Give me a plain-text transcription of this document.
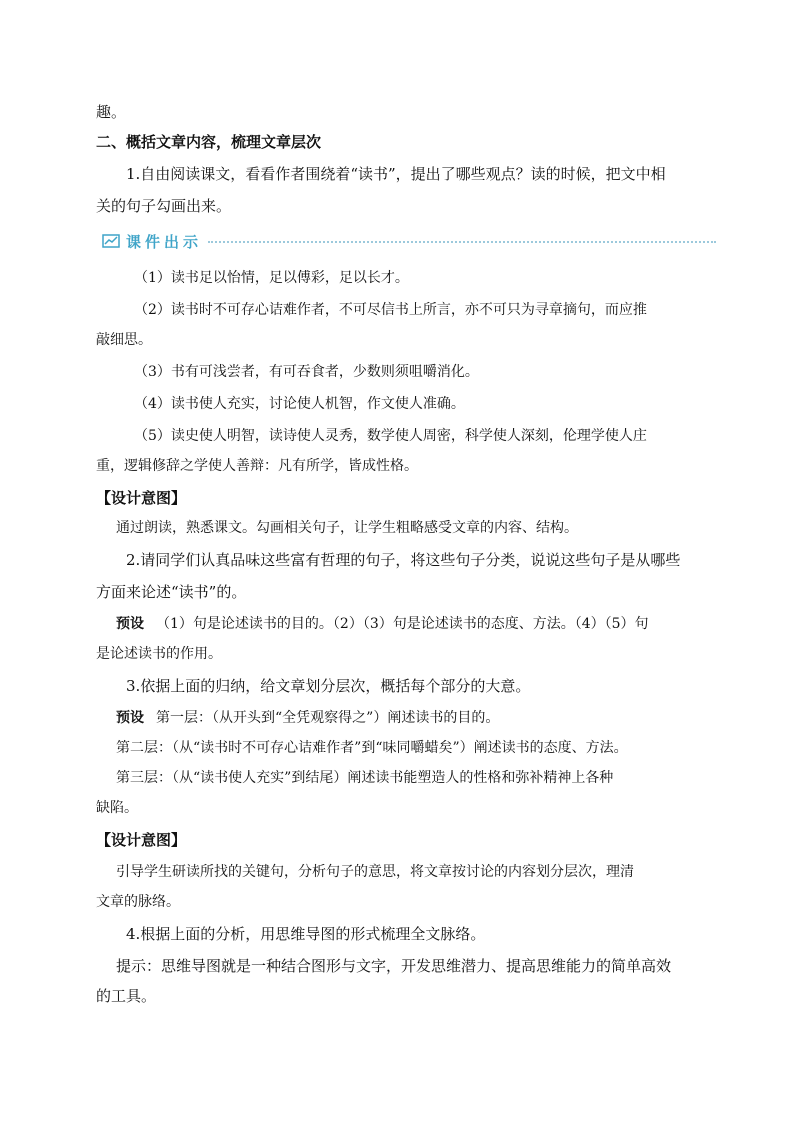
趣。
二、概括文章内容，梳理文章层次
1.自由阅读课文，看看作者围绕着“读书”，提出了哪些观点？读的时候，把文中相
关的句子勾画出来。
课件出示
（1）读书足以怡情，足以傅彩，足以长才。
（2）读书时不可存心诘难作者，不可尽信书上所言，亦不可只为寻章摘句，而应推
敲细思。
（3）书有可浅尝者，有可吞食者，少数则须咀嚼消化。
（4）读书使人充实，讨论使人机智，作文使人准确。
（5）读史使人明智，读诗使人灵秀，数学使人周密，科学使人深刻，伦理学使人庄
重，逻辑修辞之学使人善辩：凡有所学，皆成性格。
【设计意图】
通过朗读，熟悉课文。勾画相关句子，让学生粗略感受文章的内容、结构。
2.请同学们认真品味这些富有哲理的句子，将这些句子分类，说说这些句子是从哪些
方面来论述“读书”的。
预设 （1）句是论述读书的目的。（2）（3）句是论述读书的态度、方法。（4）（5）句
是论述读书的作用。
3.依据上面的归纳，给文章划分层次，概括每个部分的大意。
预设 第一层：（从开头到“全凭观察得之”）阐述读书的目的。
第二层：（从“读书时不可存心诘难作者”到“味同嚼蜡矣”）阐述读书的态度、方法。
第三层：（从“读书使人充实”到结尾）阐述读书能塑造人的性格和弥补精神上各种
缺陷。
【设计意图】
引导学生研读所找的关键句，分析句子的意思，将文章按讨论的内容划分层次，理清
文章的脉络。
4.根据上面的分析，用思维导图的形式梳理全文脉络。
提示：思维导图就是一种结合图形与文字，开发思维潜力、提高思维能力的简单高效
的工具。
